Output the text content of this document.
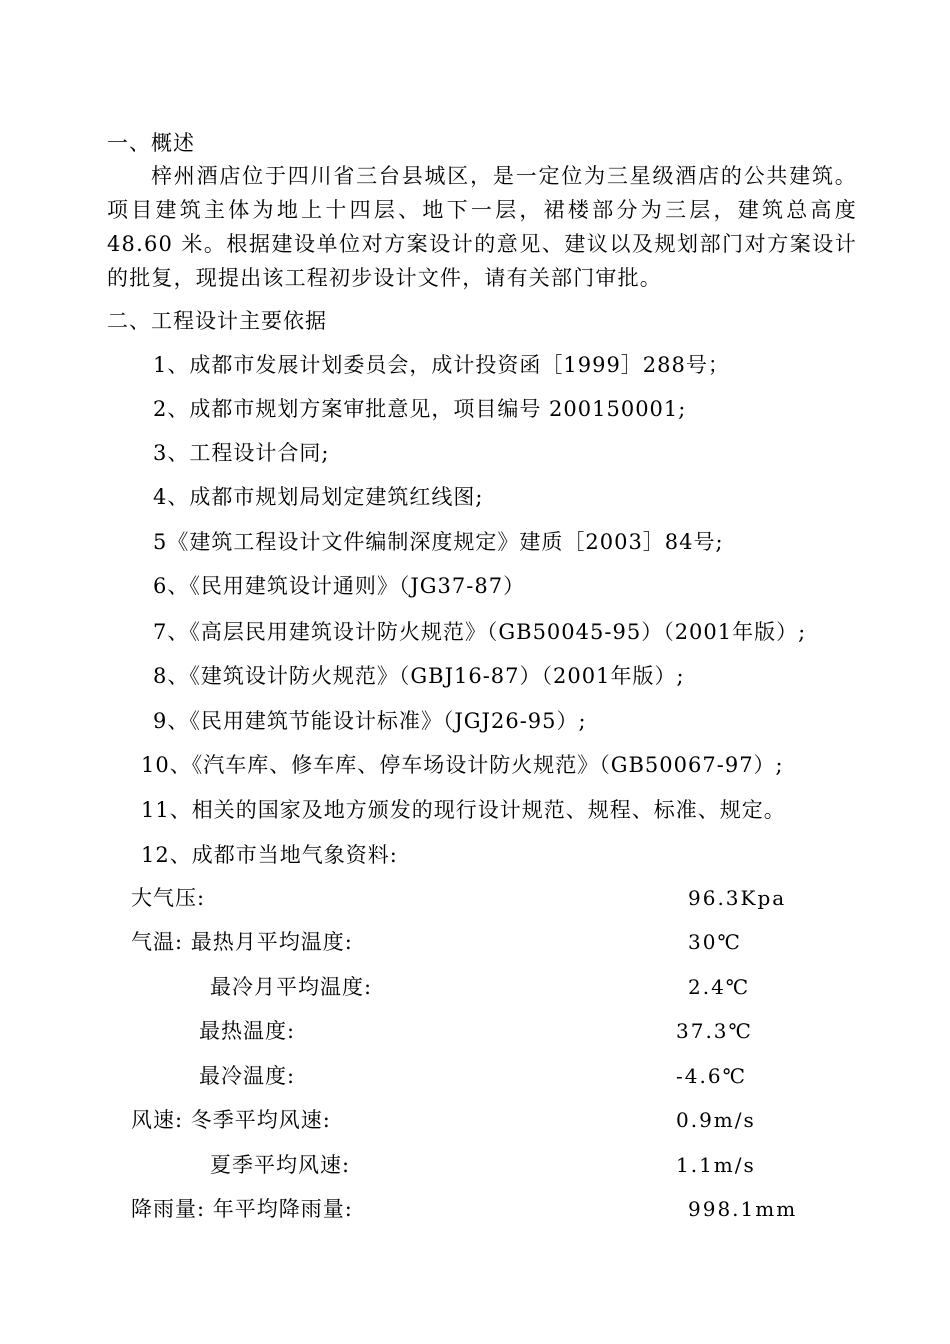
一、概述
梓州酒店位于四川省三台县城区，是一定位为三星级酒店的公共建筑。项目建筑主体为地上十四层、地下一层，裙楼部分为三层，建筑总高度 48.60 米。根据建设单位对方案设计的意见、建议以及规划部门对方案设计的批复，现提出该工程初步设计文件，请有关部门审批。
二、工程设计主要依据
1、成都市发展计划委员会，成计投资函［1999］288号；
2、成都市规划方案审批意见，项目编号 200150001;
3、工程设计合同;
4、成都市规划局划定建筑红线图;
5《建筑工程设计文件编制深度规定》建质［2003］84号;
6、《民用建筑设计通则》（JG37-87）
7、《高层民用建筑设计防火规范》（GB50045-95）（2001年版）;
8、《建筑设计防火规范》（GBJ16-87）（2001年版）;
9、《民用建筑节能设计标准》（JGJ26-95）;
10、《汽车库、修车库、停车场设计防火规范》（GB50067-97）;
11、相关的国家及地方颁发的现行设计规范、规程、标准、规定。
12、成都市当地气象资料:
大气压:	96.3Kpa
气温: 最热月平均温度:	30℃
最冷月平均温度:	2.4℃
最热温度:	37.3℃
最冷温度:	-4.6℃
风速: 冬季平均风速:	0.9m/s
夏季平均风速:	1.1m/s
降雨量: 年平均降雨量:	998.1mm
